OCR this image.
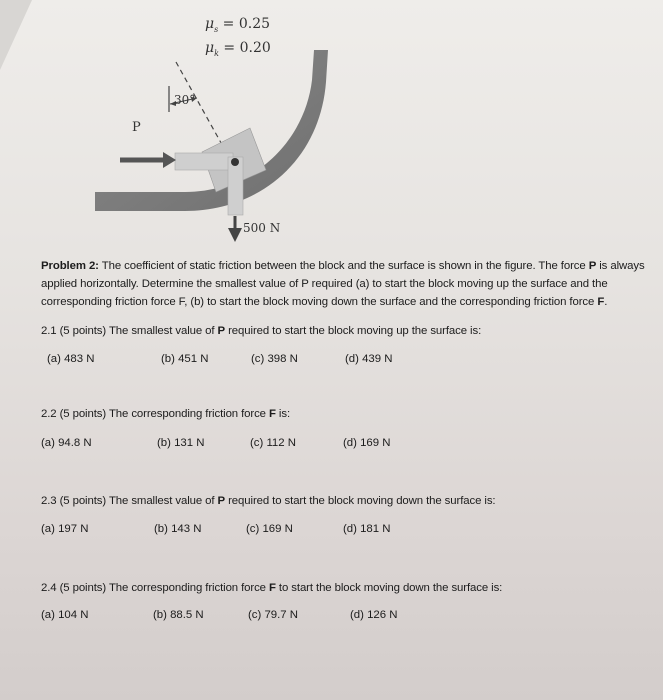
$\mu_s = 0.25$
$\mu_k = 0.20$
30°
P
500 N
Problem 2: The coefficient of static friction between the block and the surface is shown in the figure. The force P is always applied horizontally. Determine the smallest value of P required (a) to start the block moving up the surface and the corresponding friction force F, (b) to start the block moving down the surface and the corresponding friction force F.
2.1 (5 points) The smallest value of P required to start the block moving up the surface is:
(a) 483 N	(b) 451 N	(c) 398 N	(d) 439 N
2.2 (5 points) The corresponding friction force F is:
(a) 94.8 N	(b) 131 N	(c) 112 N	(d) 169 N
2.3 (5 points) The smallest value of P required to start the block moving down the surface is:
(a) 197 N	(b) 143 N	(c) 169 N	(d) 181 N
2.4 (5 points) The corresponding friction force F to start the block moving down the surface is:
(a) 104 N	(b) 88.5 N	(c) 79.7 N	(d) 126 N
